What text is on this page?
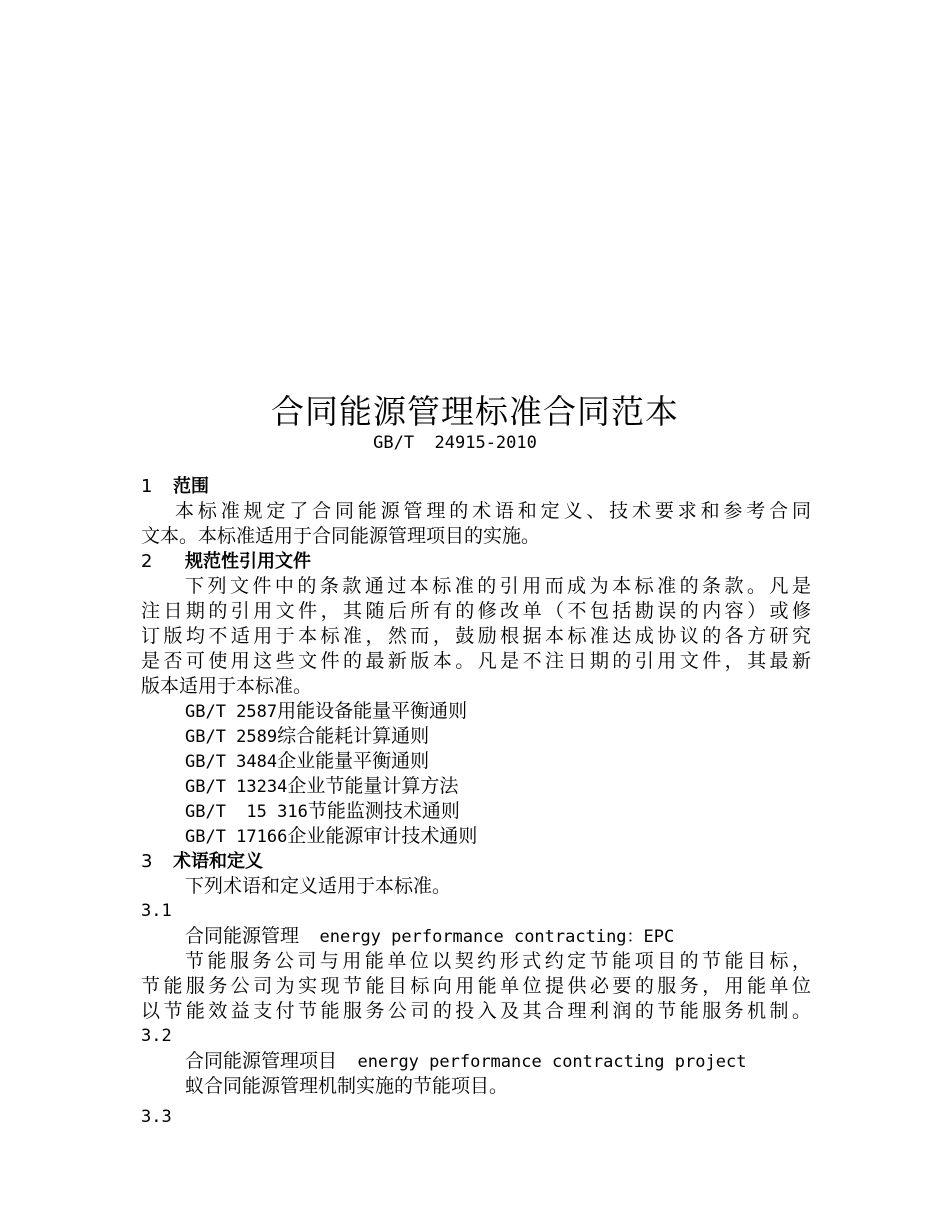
合同能源管理标准合同范本
GB/T  24915-2010
1 范围
本标准规定了合同能源管理的术语和定义、技术要求和参考合同
文本。本标准适用于合同能源管理项目的实施。
2 规范性引用文件
下列文件中的条款通过本标准的引用而成为本标准的条款。凡是
注日期的引用文件，其随后所有的修改单（不包括勘误的内容）或修
订版均不适用于本标准，然而，鼓励根据本标准达成协议的各方研究
是否可使用这些文件的最新版本。凡是不注日期的引用文件，其最新
版本适用于本标准。
GB/T 2587用能设备能量平衡通则
GB/T 2589综合能耗计算通则
GB/T 3484企业能量平衡通则
GB/T 13234企业节能量计算方法
GB/T  15 316节能监测技术通则
GB/T 17166企业能源审计技术通则
3 术语和定义
下列术语和定义适用于本标准。
3.1
合同能源管理 energy performance contracting：EPC
节能服务公司与用能单位以契约形式约定节能项目的节能目标，
节能服务公司为实现节能目标向用能单位提供必要的服务，用能单位
以节能效益支付节能服务公司的投入及其合理利润的节能服务机制。
3.2
合同能源管理项目 energy performance contracting project
蚁合同能源管理机制实施的节能项目。
3.3
